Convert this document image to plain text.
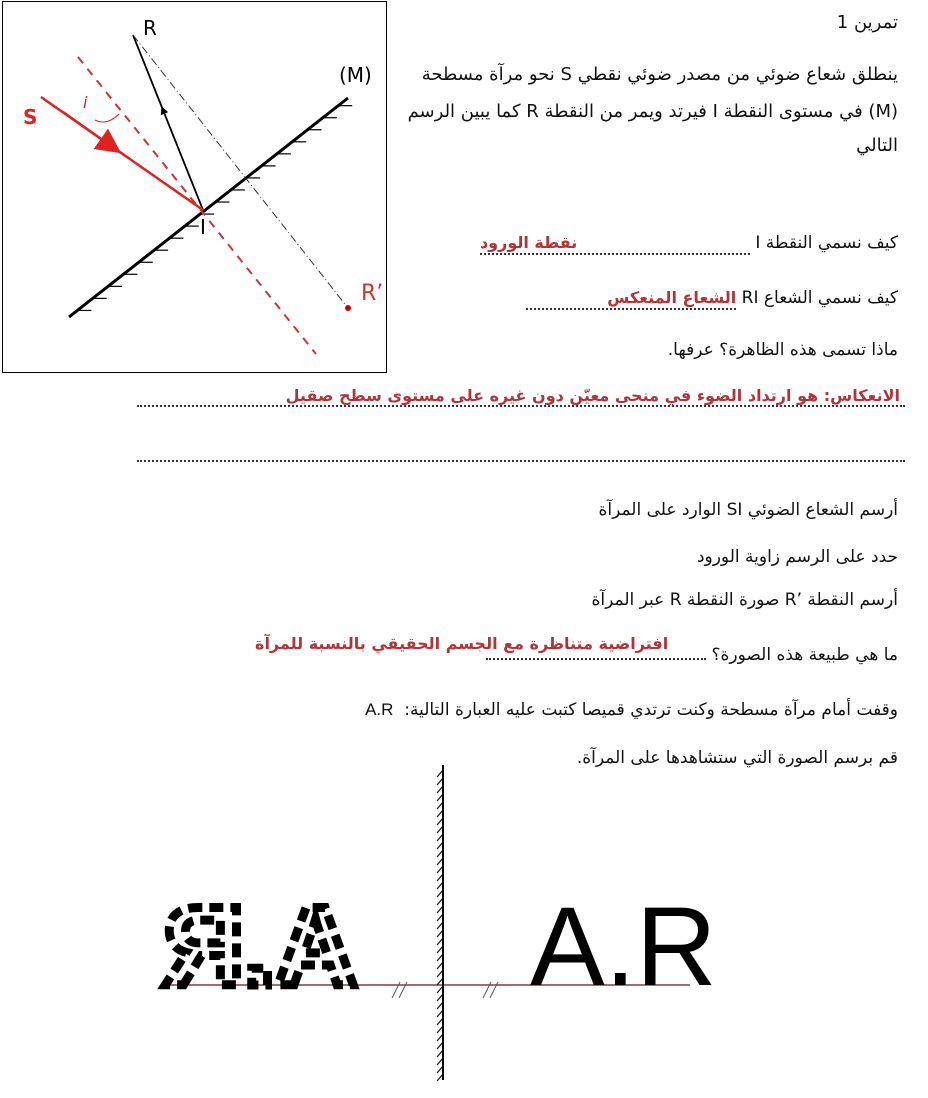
R
(M)
S
i
I
R’
تمرين 1
ينطلق شعاع ضوئي من مصدر ضوئي نقطي S نحو مرآة مسطحة
(M) في مستوى النقطة I فيرتد ويمر من النقطة R كما يبين الرسم
التالي
كيف نسمي النقطة I نقطة الورود
كيف نسمي الشعاع RI الشعاع المنعكس
ماذا تسمى هذه الظاهرة؟ عرفها.
الانعكاس: هو ارتداد الضوء في منحى معيّن دون غيره على مستوى سطح صقيل
أرسم الشعاع الضوئي SI الوارد على المرآة
حدد على الرسم زاوية الورود
أرسم النقطة ’R صورة النقطة R عبر المرآة
ما هي طبيعة هذه الصورة؟
افتراضية متناظرة مع الجسم الحقيقي بالنسبة للمرآة
وقفت أمام مرآة مسطحة وكنت ترتدي قميصا كتبت عليه العبارة التالية:  A.R
قم برسم الصورة التي ستشاهدها على المرآة.
A.R
A.R
